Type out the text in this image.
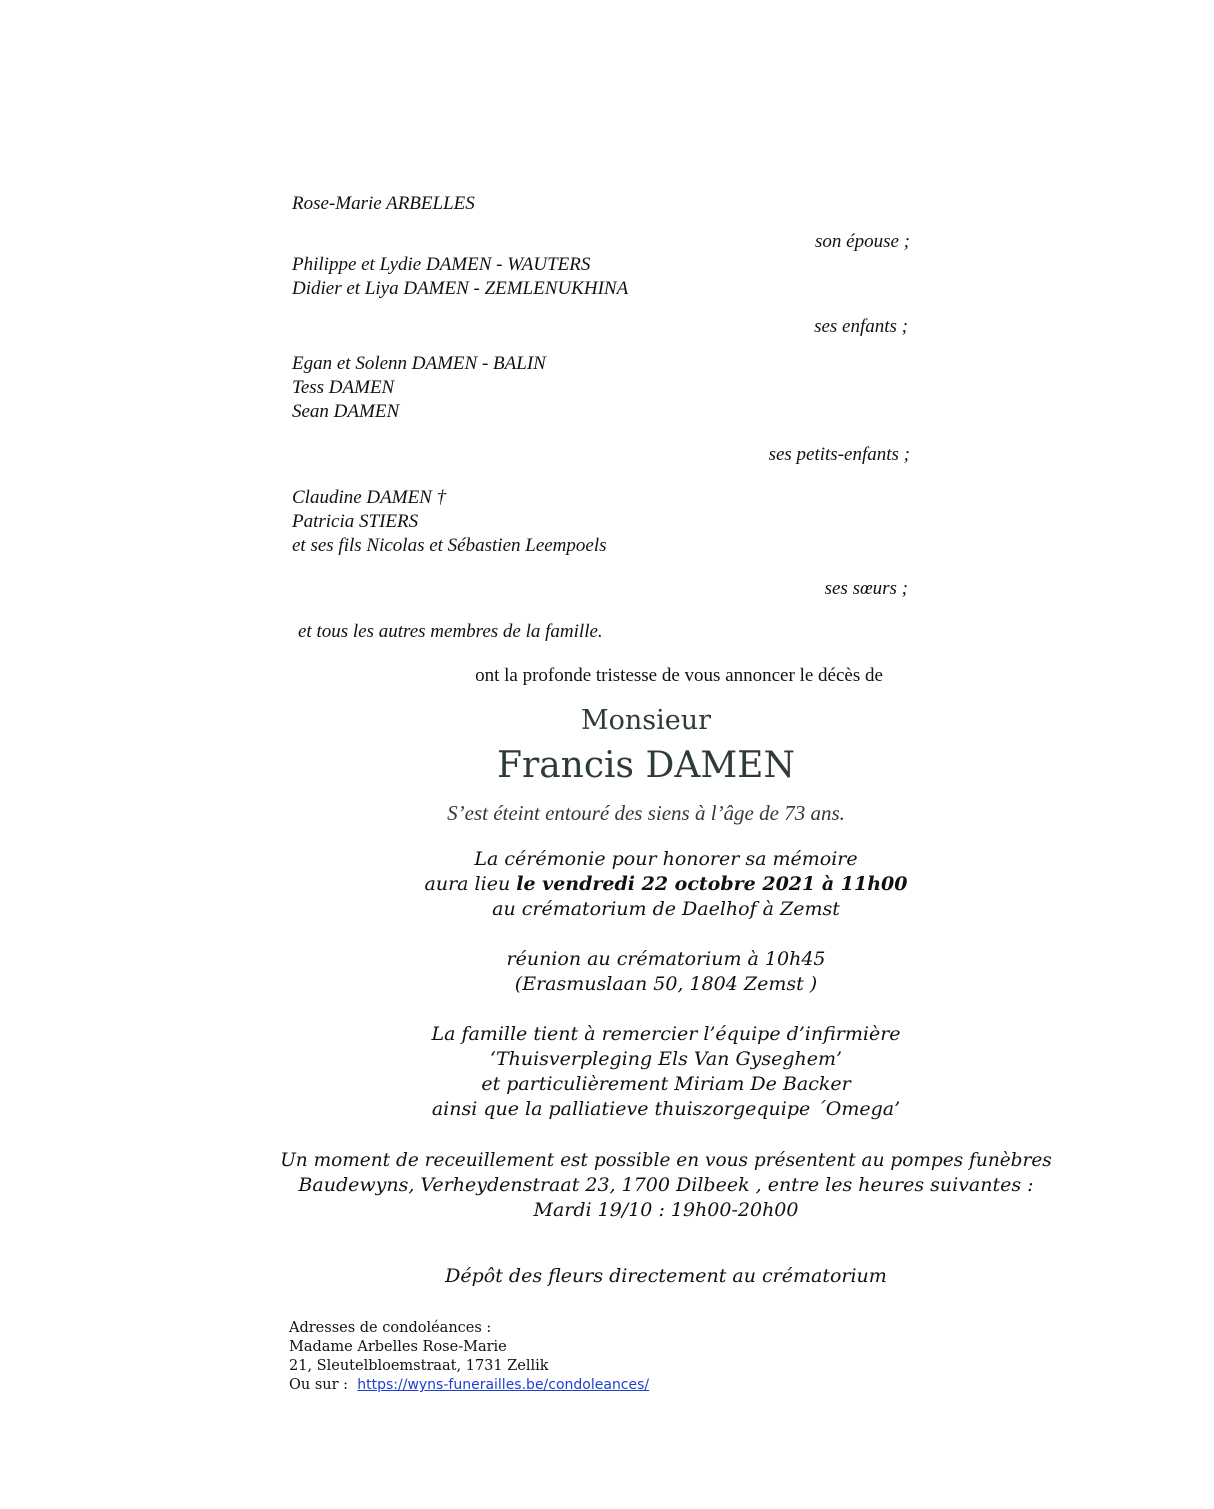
Rose-Marie ARBELLES
son épouse ;
Philippe et Lydie DAMEN - WAUTERS
Didier et Liya DAMEN - ZEMLENUKHINA
ses enfants ;
Egan et Solenn DAMEN - BALIN
Tess DAMEN
Sean DAMEN
ses petits-enfants ;
Claudine DAMEN †
Patricia STIERS
et ses fils Nicolas et Sébastien Leempoels
ses sœurs ;
et tous les autres membres de la famille.
ont la profonde tristesse de vous annoncer le décès de
Monsieur
Francis DAMEN
S’est éteint entouré des siens à l’âge de 73 ans.
La cérémonie pour honorer sa mémoire
aura lieu le vendredi 22 octobre 2021 à 11h00
au crématorium de Daelhof à Zemst
réunion au crématorium à 10h45
(Erasmuslaan 50, 1804 Zemst )
La famille tient à remercier l’équipe d’infirmière
‘Thuisverpleging Els Van Gyseghem’
et particulièrement Miriam De Backer
ainsi que la palliatieve thuiszorgequipe ´Omega’
Un moment de receuillement est possible en vous présentent au pompes funèbres
Baudewyns, Verheydenstraat 23, 1700 Dilbeek , entre les heures suivantes :
Mardi 19/10 : 19h00-20h00
Dépôt des fleurs directement au crématorium
Adresses de condoléances :
Madame Arbelles Rose-Marie
21, Sleutelbloemstraat, 1731 Zellik
Ou sur : https://wyns-funerailles.be/condoleances/
